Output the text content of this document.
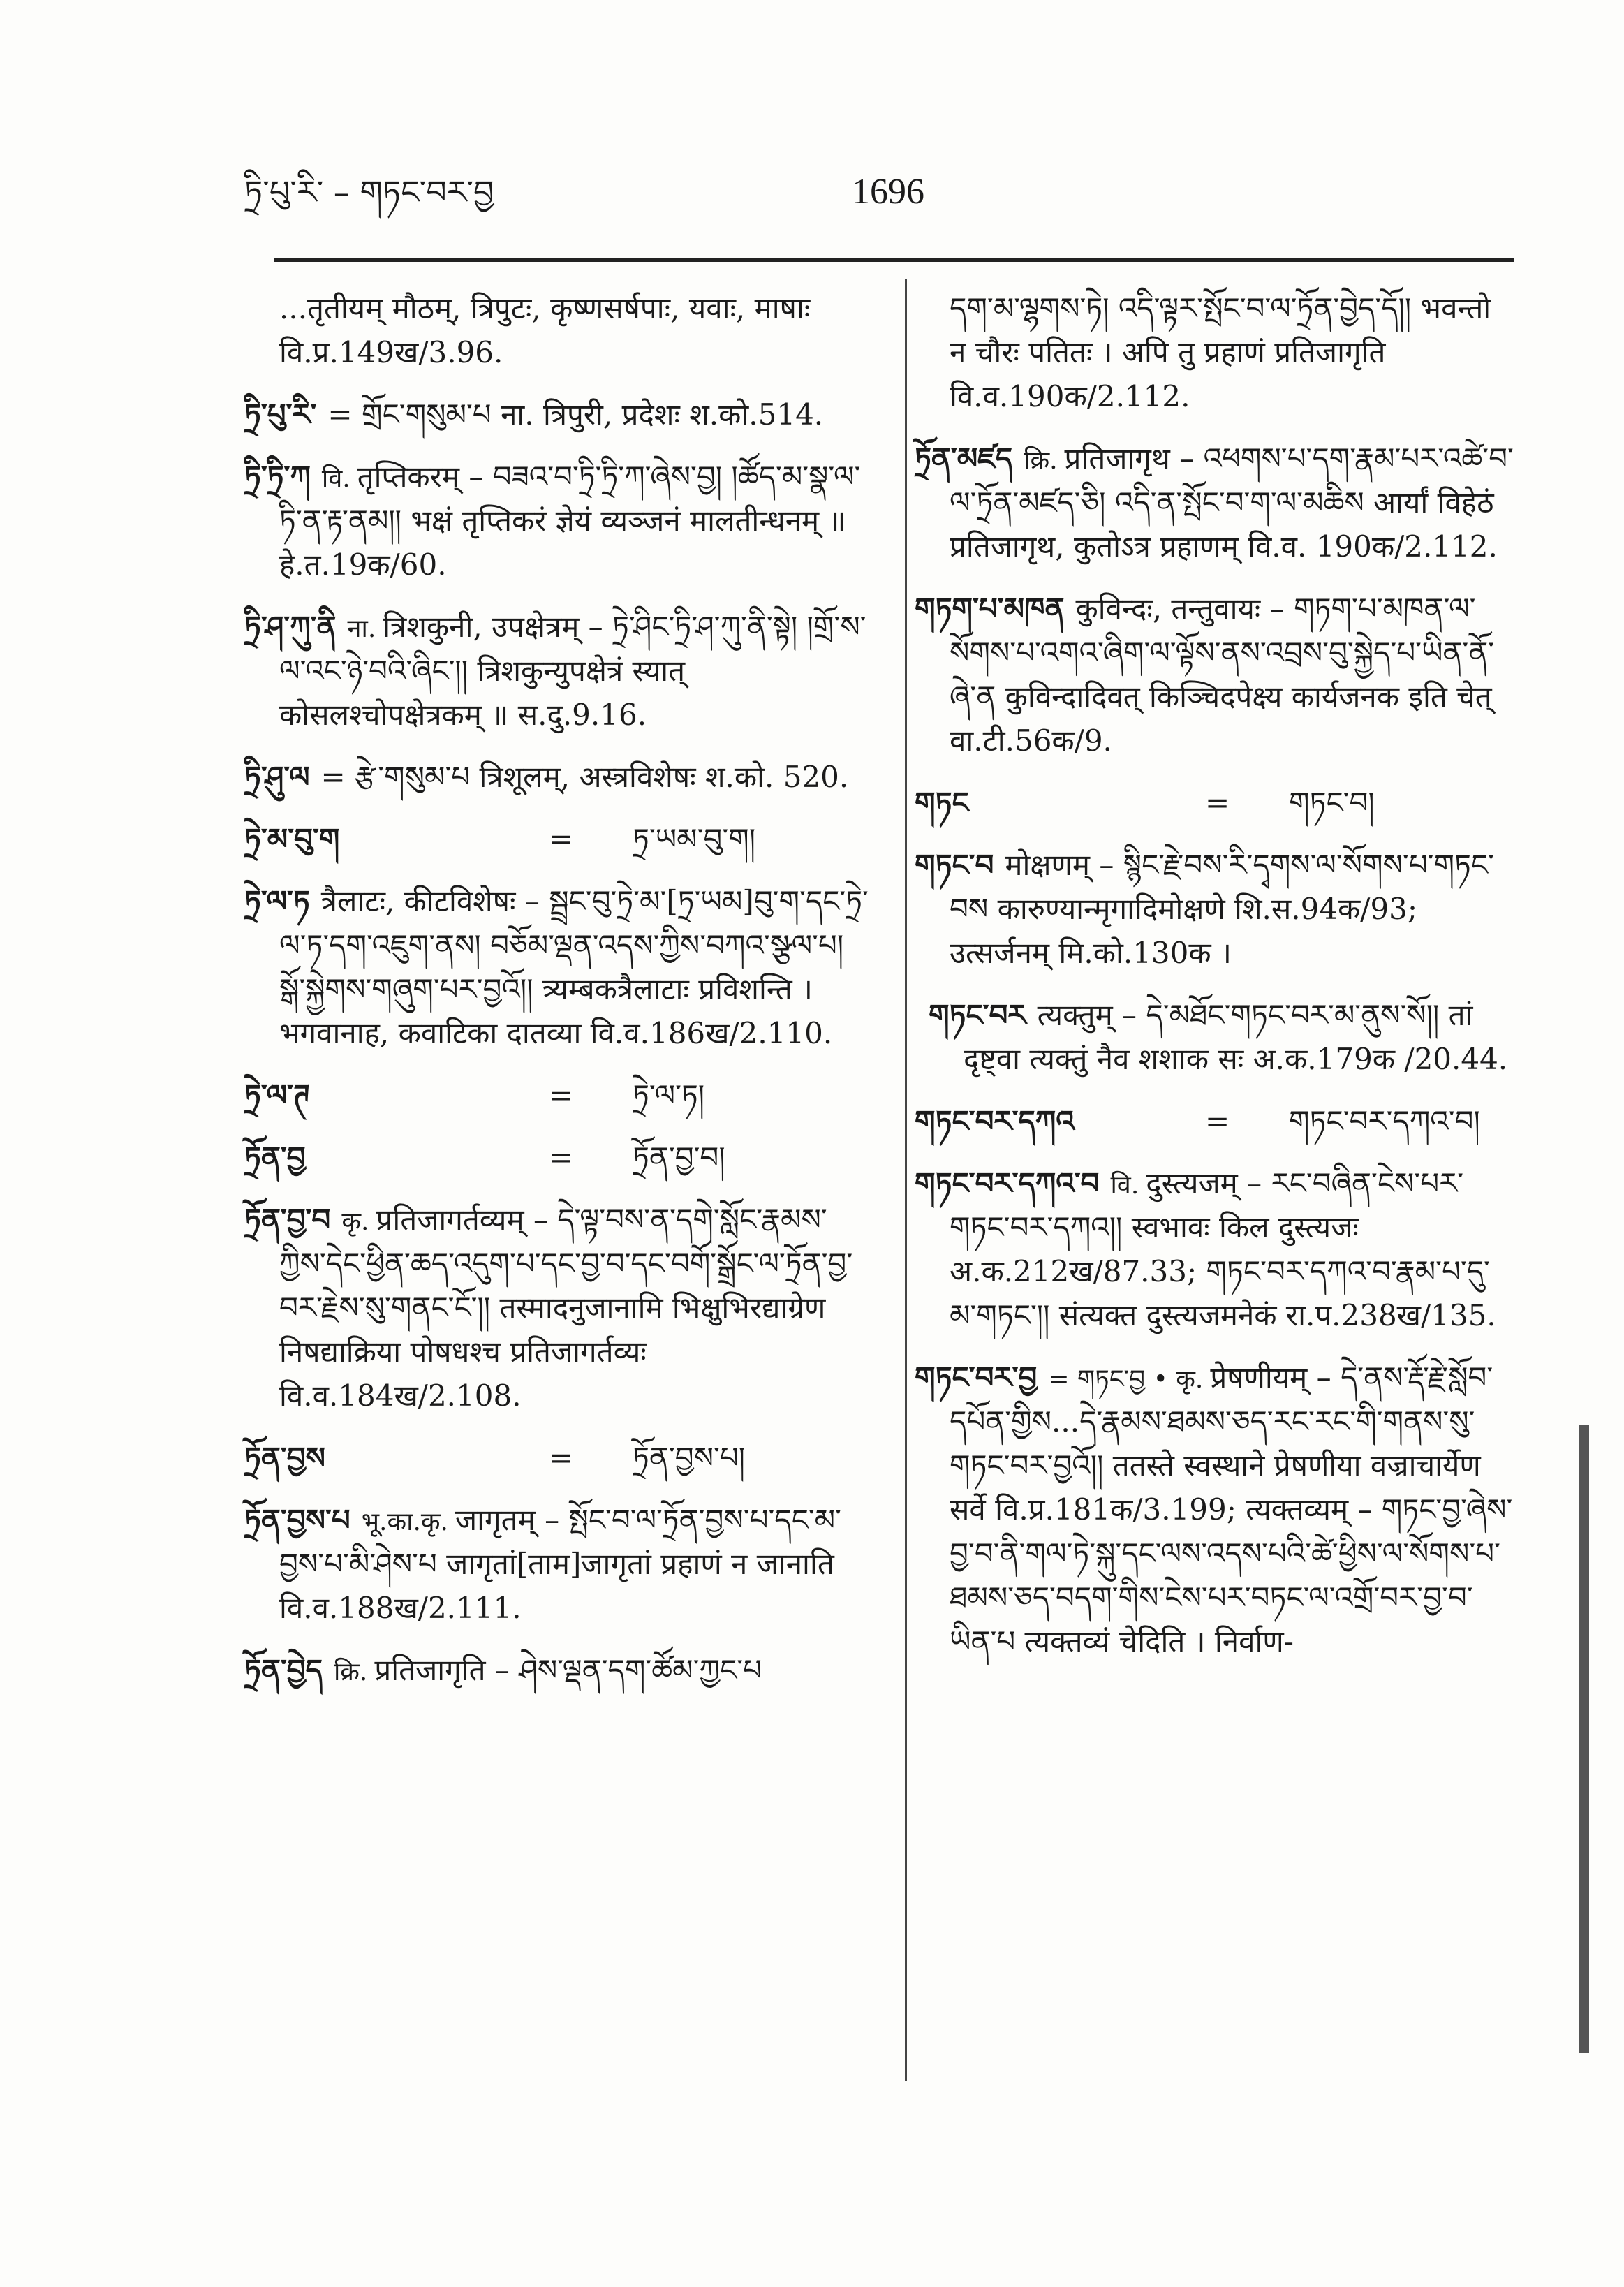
ཏྲི་པུ་རི་ – གཏང་བར་བྱ	1696

...तृतीयम् मौठम्, त्रिपुटः, कृष्णसर्षपाः, यवाः, माषाः वि.प्र.149ख/3.96.

ཏྲི་པུ་རི་ = གྲོང་གསུམ་པ ना. त्रिपुरी, प्रदेशः श.को.514.

ཏྲི་ཏྲི་ཀ वि. तृप्तिकरम् – བཟའ་བ་ཏྲི་ཏྲི་ཀ་ཞེས་བྱ། །ཚོད་མ་སྣ་ལ་ཏི་ན་རྟ་ནམ།། भक्षं तृप्तिकरं ज्ञेयं व्यञ्जनं मालतीन्धनम् ॥ हे.त.19क/60.

ཏྲི་ཤ་ཀུ་ནི ना. त्रिशकुनी, उपक्षेत्रम् – ཏྲེ་ཤིང་ཏྲི་ཤ་ཀུ་ནི་སྟེ། །གྲོ་ས་ལ་འང་ཉེ་བའི་ཞིང་།། त्रिशकुन्युपक्षेत्रं स्यात् कोसलश्चोपक्षेत्रकम् ॥ स.दु.9.16.

ཏྲི་ཤུ་ལ = རྩེ་གསུམ་པ त्रिशूलम्, अस्त्रविशेषः श.को. 520.

ཏྲེ་མ་བུ་ག	=	ཏྲ་ཡམ་བུ་ག།

ཏྲེ་ལ་ཏ त्रैलाटः, कीटविशेषः – སྦྲང་བུ་ཏྲེ་མ་[ཏྲ་ཡམ]བུ་ག་དང་ཏྲེ་ལ་ཏ་དག་འཇུག་ནས། བཅོམ་ལྡན་འདས་ཀྱིས་བཀའ་སྩལ་པ། སྒོ་སྐྱེགས་གཞུག་པར་བྱའོ།། त्र्यम्बकत्रैलाटाः प्रविशन्ति । भगवानाह, कवाटिका दातव्या वि.व.186ख/2.110.

ཏྲེ་ལ་ཊ	=	ཏྲེ་ལ་ཏ།
ཏྲོན་བྱ	=	ཏྲོན་བྱ་བ།

ཏྲོན་བྱ་བ कृ. प्रतिजागर्तव्यम् – དེ་ལྟ་བས་ན་དགེ་སློང་རྣམས་ཀྱིས་དེང་ཕྱིན་ཆད་འདུག་པ་དང་བྱ་བ་དང་བགོ་སྒྲོང་ལ་ཏྲོན་བྱ་བར་རྗེས་སུ་གནང་ངོ་།། तस्मादनुजानामि भिक्षुभिरद्याग्रेण निषद्याक्रिया पोषधश्च प्रतिजागर्तव्यः वि.व.184ख/2.108.

ཏྲོན་བྱས	=	ཏྲོན་བྱས་པ།

ཏྲོན་བྱས་པ भू.का.कृ. जागृतम् – སྤོང་བ་ལ་ཏྲོན་བྱས་པ་དང་མ་བྱས་པ་མི་ཤེས་པ जागृतां[ताम]जागृतां प्रहाणं न जानाति वि.व.188ख/2.111.

ཏྲོན་བྱེད क्रि. प्रतिजागृति – ཤེས་ལྡན་དག་ཚོམ་ཀྱང་པ

དག་མ་ལྷགས་ཏེ། འདི་ལྟར་སྤོང་བ་ལ་ཏྲོན་བྱེད་དོ།། भवन्तो न चौरः पतितः । अपि तु प्रहाणं प्रतिजागृति वि.व.190क/2.112.

ཏྲོན་མཛད क्रि. प्रतिजागृथ – འཕགས་པ་དག་རྣམ་པར་འཚེ་བ་ལ་ཏྲོན་མཛད་ཅི། འདི་ན་སྤོང་བ་ག་ལ་མཆིས आर्यां विहेठं प्रतिजागृथ, कुतोऽत्र प्रहाणम् वि.व. 190क/2.112.

གཏག་པ་མཁན कुविन्दः, तन्तुवायः – གཏག་པ་མཁན་ལ་སོགས་པ་འགའ་ཞིག་ལ་ལྟོས་ནས་འབྲས་བུ་སྐྱེད་པ་ཡིན་ནོ་ཞེ་ན कुविन्दादिवत् किञ्चिदपेक्ष्य कार्यजनक इति चेत् वा.टी.56क/9.

གཏང	=	གཏང་བ།

གཏང་བ मोक्षणम् – སྙིང་རྗེ་བས་རི་དྭགས་ལ་སོགས་པ་གཏང་བས कारुण्यान्मृगादिमोक्षणे शि.स.94क/93; उत्सर्जनम् मि.को.130क ।

གཏང་བར त्यक्तुम् – དེ་མཐོང་གཏང་བར་མ་ནུས་སོ།། तां दृष्ट्वा त्यक्तुं नैव शशाक सः अ.क.179क /20.44.

གཏང་བར་དཀའ	=	གཏང་བར་དཀའ་བ།

གཏང་བར་དཀའ་བ वि. दुस्त्यजम् – རང་བཞིན་ངེས་པར་གཏང་བར་དཀའ།། स्वभावः किल दुस्त्यजः अ.क.212ख/87.33; གཏང་བར་དཀའ་བ་རྣམ་པ་དུ་མ་གཏང་།། संत्यक्त दुस्त्यजमनेकं रा.प.238ख/135.

གཏང་བར་བྱ = གཏང་བྱ • कृ. प्रेषणीयम् – དེ་ནས་རྡོ་རྗེ་སློབ་དཔོན་གྱིས...དེ་རྣམས་ཐམས་ཅད་རང་རང་གི་གནས་སུ་གཏང་བར་བྱའོ།། ततस्ते स्वस्थाने प्रेषणीया वज्राचार्येण सर्वे वि.प्र.181क/3.199; त्यक्तव्यम् – གཏང་བྱ་ཞེས་བྱ་བ་ནི་གལ་ཏེ་སྐུ་དང་ལས་འདས་པའི་ཚེ་ཕྱིས་ལ་སོགས་པ་ཐམས་ཅད་བདག་གིས་ངེས་པར་བཏང་ལ་འགྲོ་བར་བྱ་བ་ཡིན་པ त्यक्तव्यं चेदिति । निर्वाण-
